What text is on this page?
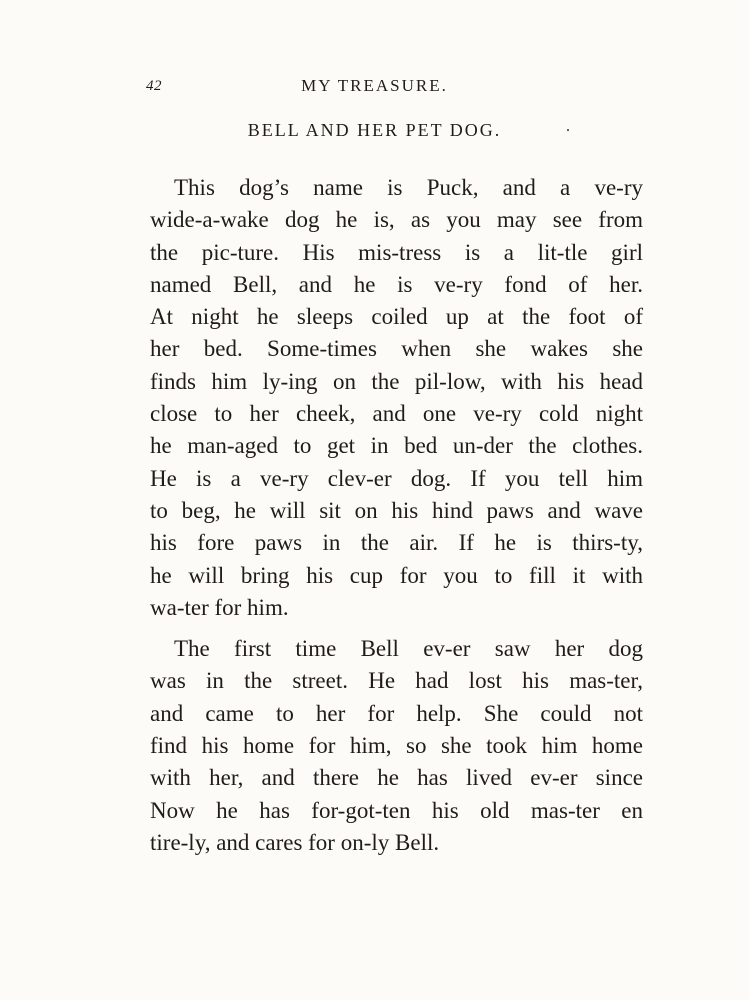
42	MY TREASURE.
BELL AND HER PET DOG.	.
This dog’s name is Puck, and a ve-ry
wide-a-wake dog he is, as you may see from
the pic-ture. His mis-tress is a lit-tle girl
named Bell, and he is ve-ry fond of her.
At night he sleeps coiled up at the foot of
her bed. Some-times when she wakes she
finds him ly-ing on the pil-low, with his head
close to her cheek, and one ve-ry cold night
he man-aged to get in bed un-der the clothes.
He is a ve-ry clev-er dog. If you tell him
to beg, he will sit on his hind paws and wave
his fore paws in the air. If he is thirs-ty,
he will bring his cup for you to fill it with
wa-ter for him.
The first time Bell ev-er saw her dog
was in the street. He had lost his mas-ter,
and came to her for help. She could not
find his home for him, so she took him home
with her, and there he has lived ev-er since
Now he has for-got-ten his old mas-ter en
tire-ly, and cares for on-ly Bell.
